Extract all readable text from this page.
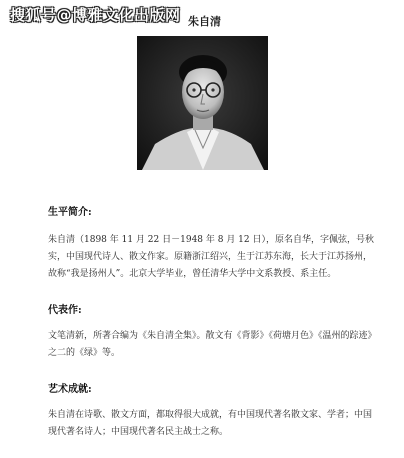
搜狐号@博雅文化出版网 朱自清
生平简介:
朱自清（1898 年 11 月 22 日－1948 年 8 月 12 日），原名自华，字佩弦，号秋实，中国现代诗人、散文作家。原籍浙江绍兴，生于江苏东海，长大于江苏扬州，故称“我是扬州人”。北京大学毕业，曾任清华大学中文系教授、系主任。
代表作:
文笔清新，所著合编为《朱自清全集》。散文有《背影》《荷塘月色》《温州的踪迹》之二的《绿》等。
艺术成就:
朱自清在诗歌、散文方面，都取得很大成就，有中国现代著名散文家、学者；中国现代著名诗人；中国现代著名民主战士之称。
